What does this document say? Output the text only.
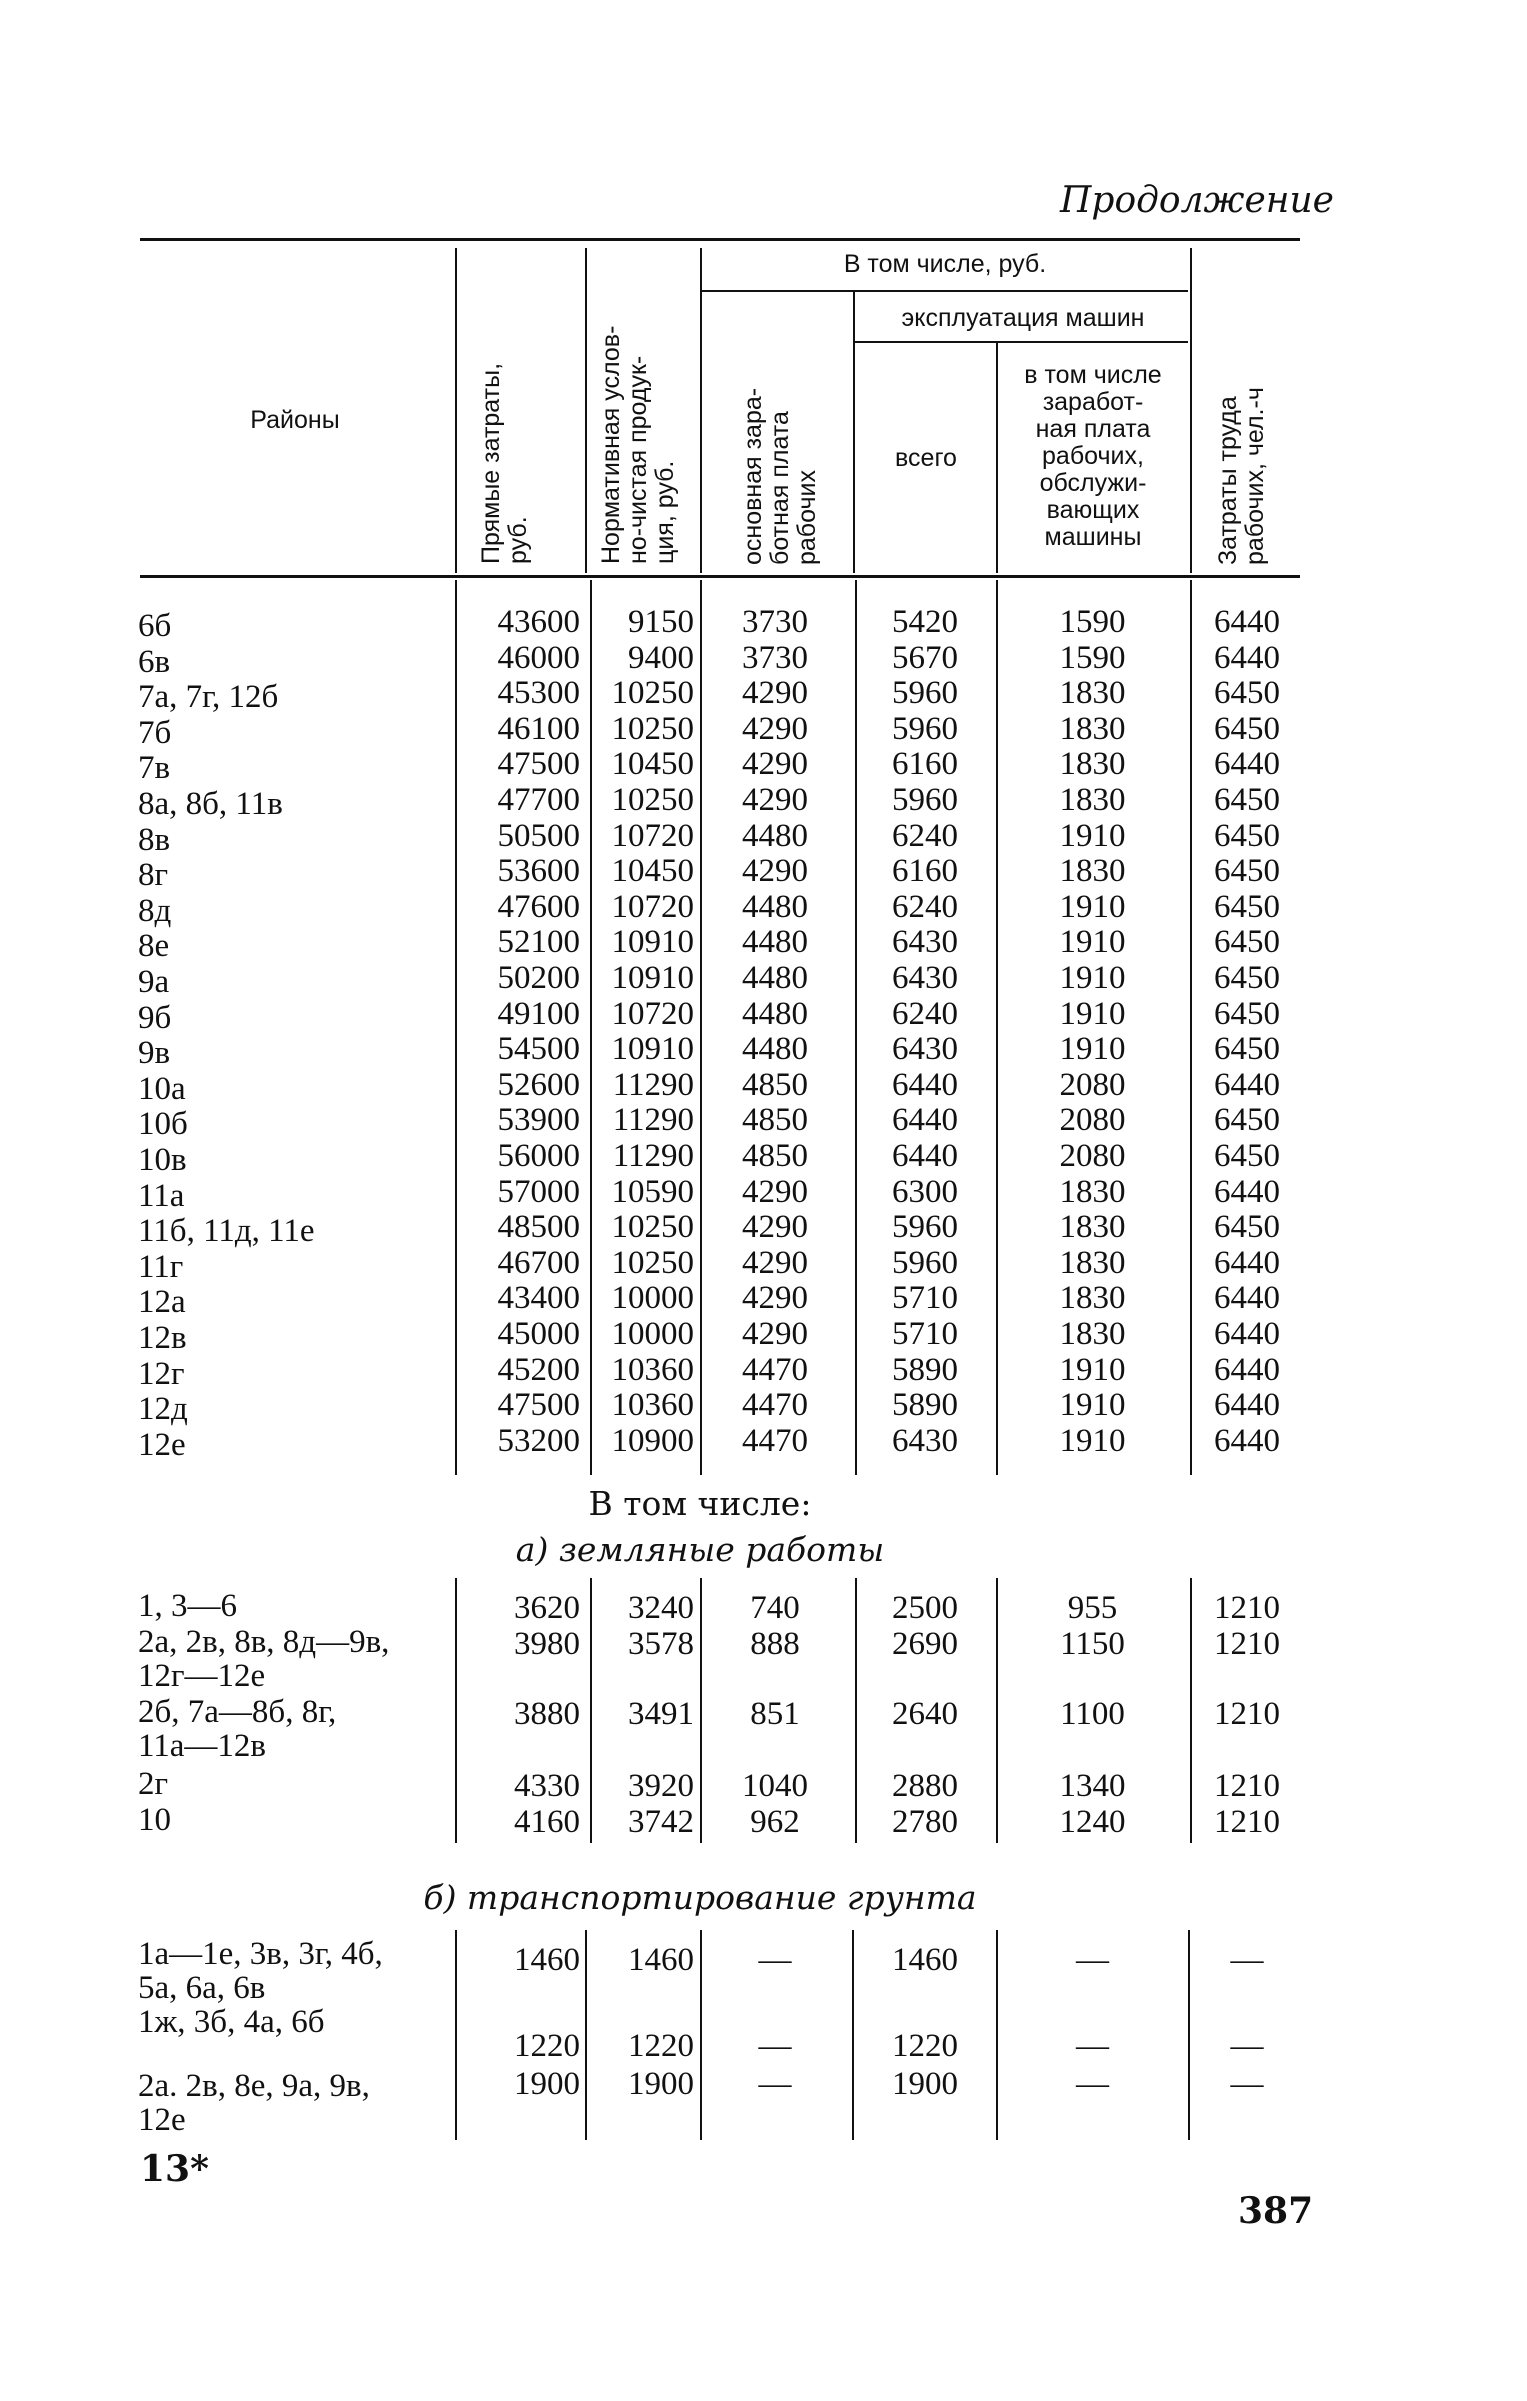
Продолжение
Районы
Прямые затраты,
руб.	Нормативная услов-
но-чистая продук-
ция, руб.
В том числе, руб.
основная зара-
ботная плата
рабочих
эксплуатация машин
всего
в том числе
заработ-
ная плата
рабочих,
обслужи-
вающих
машины	Затраты труда
рабочих, чел.-ч
6б	43600	9150	3730	5420	1590	6440
6в	46000	9400	3730	5670	1590	6440
7а, 7г, 12б	45300 10250	4290	5960	1830	6450
7б	46100 10250	4290	5960	1830	6450
7в	47500 10450	4290	6160	1830	6440
8а, 8б, 11в	47700 10250	4290	5960	1830	6450
8в	50500 10720	4480	6240	1910	6450
8г	53600 10450	4290	6160	1830	6450
8д	47600 10720	4480	6240	1910	6450
8е	52100 10910	4480	6430	1910	6450
9а	50200 10910	4480	6430	1910	6450
9б	49100 10720	4480	6240	1910	6450
9в	54500 10910	4480	6430	1910	6450
10а	52600 11290	4850	6440	2080	6440
10б	53900 11290	4850	6440	2080	6450
10в	56000 11290	4850	6440	2080	6450
11а	57000 10590	4290	6300	1830	6440
11б, 11д, 11е	48500 10250	4290	5960	1830	6450
11г	46700 10250	4290	5960	1830	6440
12а	43400 10000	4290	5710	1830	6440
12в	45000 10000	4290	5710	1830	6440
12г	45200 10360	4470	5890	1910	6440
12д	47500 10360	4470	5890	1910	6440
12е	53200 10900	4470	6430	1910	6440
В том числе:
а) земляные работы
1, 3—6	3620	3240	740	2500	955	1210
2а, 2в, 8в, 8д—9в,
12г—12е
3980	3578	888	2690	1150	1210
2б, 7а—8б, 8г,
11а—12в
3880	3491	851	2640	1100	1210
2г	4330	3920	1040	2880	1340	1210
10	4160	3742	962	2780	1240	1210
б) транспортирование грунта
1а—1е, 3в, 3г, 4б,
5а, 6а, 6в
1460	1460	—	1460	—	—
1ж, 3б, 4а, 6б
1220	1220	—	1220	—	—
2а. 2в, 8е, 9а, 9в,
12е
1900	1900	—	1900	—	—
13*
387
